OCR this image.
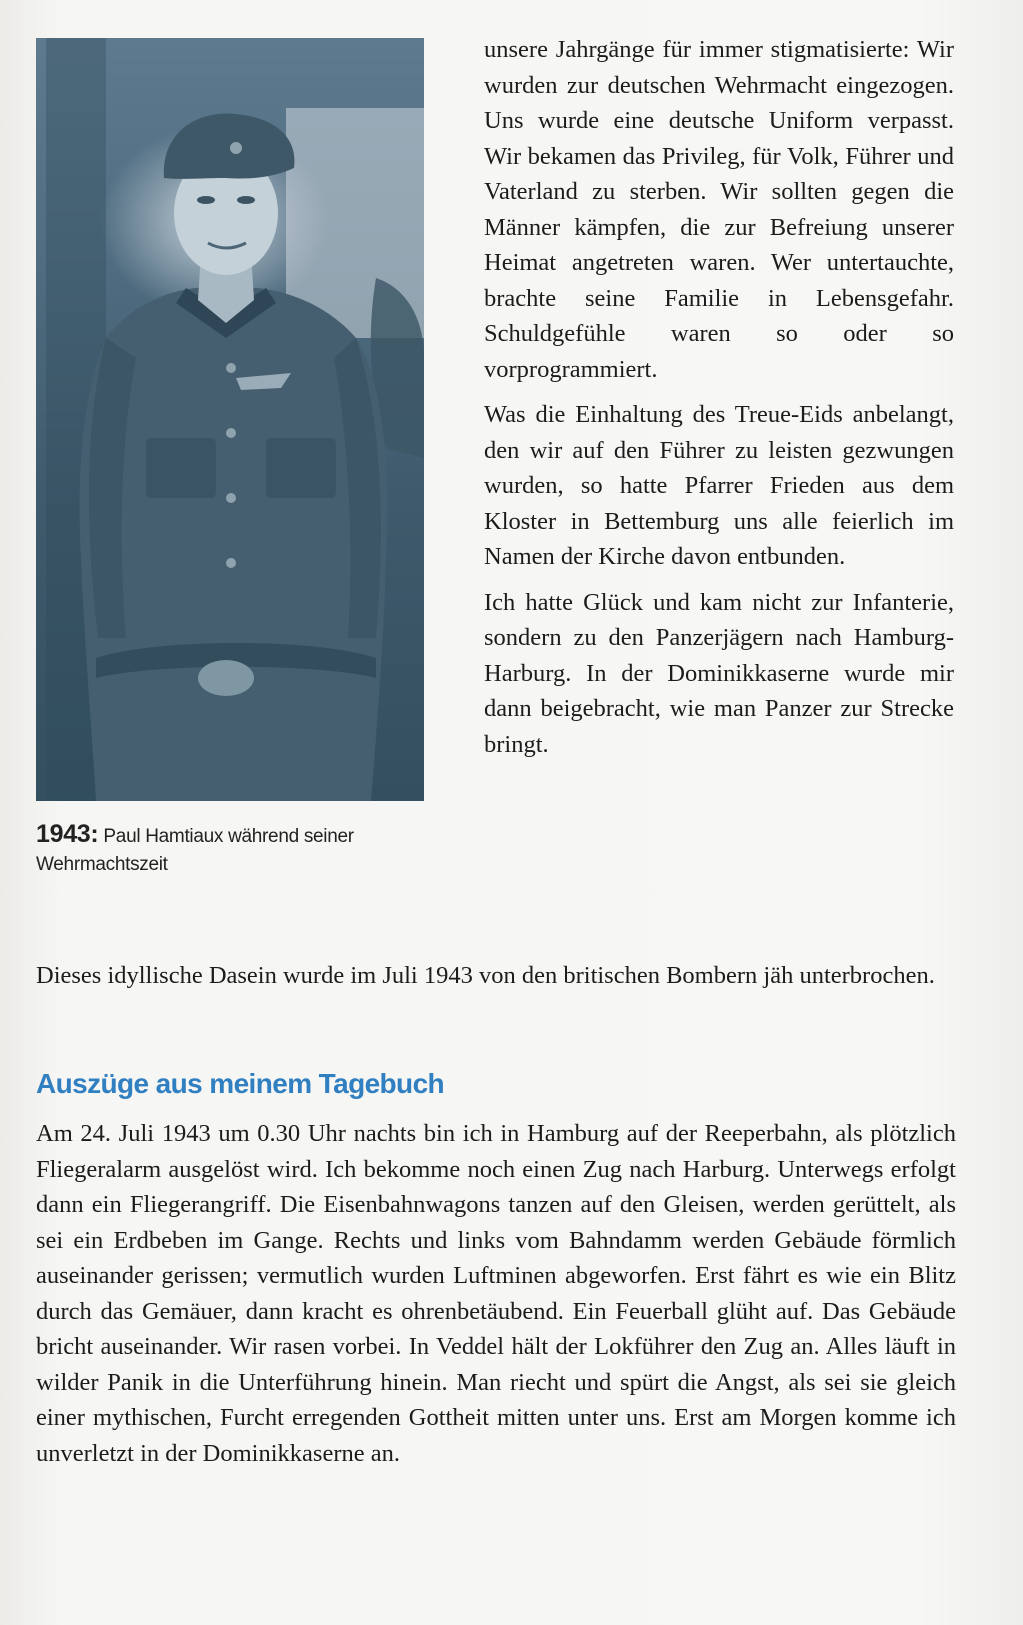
1943: Paul Hamtiaux während seiner Wehrmachtszeit

unsere Jahrgänge für immer stigmatisierte: Wir wurden zur deutschen Wehrmacht eingezogen. Uns wurde eine deutsche Uniform verpasst. Wir bekamen das Privileg, für Volk, Führer und Vaterland zu sterben. Wir sollten gegen die Männer kämpfen, die zur Befreiung unserer Heimat angetreten waren. Wer untertauchte, brachte seine Familie in Lebensgefahr. Schuldgefühle waren so oder so vorprogrammiert.

Was die Einhaltung des Treue-Eids anbelangt, den wir auf den Führer zu leisten gezwungen wurden, so hatte Pfarrer Frieden aus dem Kloster in Bettemburg uns alle feierlich im Namen der Kirche davon entbunden.

Ich hatte Glück und kam nicht zur Infanterie, sondern zu den Panzerjägern nach Hamburg-Harburg. In der Dominikkaserne wurde mir dann beigebracht, wie man Panzer zur Strecke bringt.

Dieses idyllische Dasein wurde im Juli 1943 von den britischen Bombern jäh unterbrochen.

Auszüge aus meinem Tagebuch

Am 24. Juli 1943 um 0.30 Uhr nachts bin ich in Hamburg auf der Reeperbahn, als plötzlich Fliegeralarm ausgelöst wird. Ich bekomme noch einen Zug nach Harburg. Unterwegs erfolgt dann ein Fliegerangriff. Die Eisenbahnwagons tanzen auf den Gleisen, werden gerüttelt, als sei ein Erdbeben im Gange. Rechts und links vom Bahndamm werden Gebäude förmlich auseinander gerissen; vermutlich wurden Luftminen abgeworfen. Erst fährt es wie ein Blitz durch das Gemäuer, dann kracht es ohrenbetäubend. Ein Feuerball glüht auf. Das Gebäude bricht auseinander. Wir rasen vorbei. In Veddel hält der Lokführer den Zug an. Alles läuft in wilder Panik in die Unterführung hinein. Man riecht und spürt die Angst, als sei sie gleich einer mythischen, Furcht erregenden Gottheit mitten unter uns. Erst am Morgen komme ich unverletzt in der Dominikkaserne an.
